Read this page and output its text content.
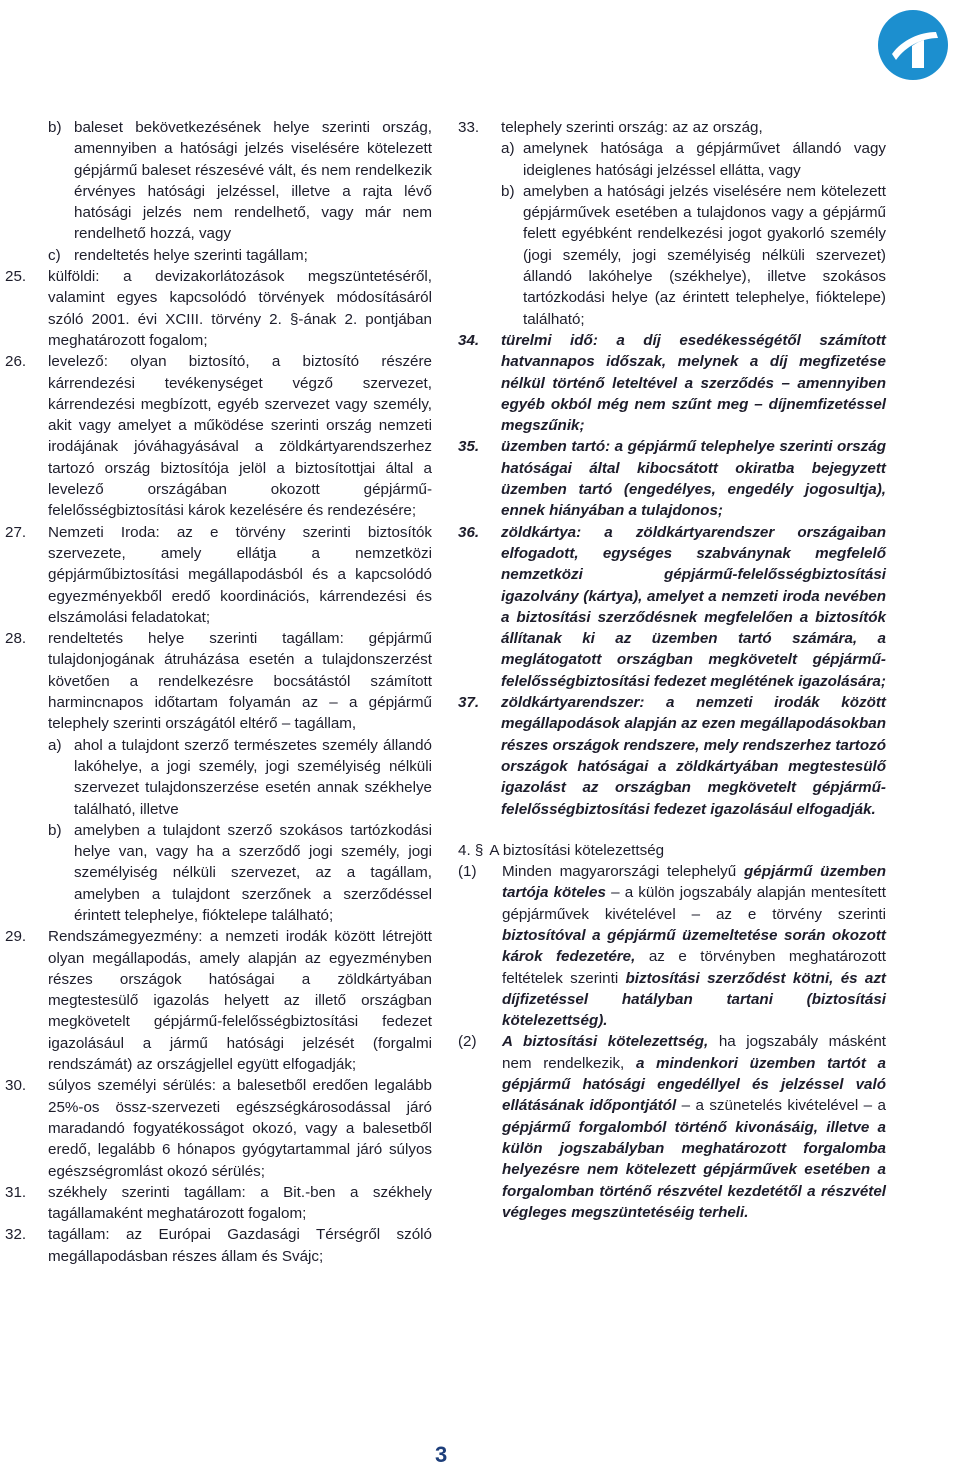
b) baleset bekövetkezésének helye szerinti ország, amennyiben a hatósági jelzés viselésére kötelezett gépjármű baleset részesévé vált, és nem rendelkezik érvényes hatósági jelzéssel, illetve a rajta lévő hatósági jelzés nem rendelhető, vagy már nem rendelhető hozzá, vagy
c) rendeltetés helye szerinti tagállam;
25.	külföldi: a devizakorlátozások megszüntetéséről, valamint egyes kapcsolódó törvények módosításáról szóló 2001. évi XCIII. törvény 2. §-ának 2. pontjában meghatározott fogalom;
26.	levelező: olyan biztosító, a biztosító részére kárrendezési tevékenységet végző szervezet, kárrendezési megbízott, egyéb szervezet vagy személy, akit vagy amelyet a működése szerinti ország nemzeti irodájának jóváhagyásával a zöldkártyarendszerhez tartozó ország biztosítója jelöl a biztosítottjai által a levelező országában okozott gépjármű-felelősségbiztosítási károk kezelésére és rendezésére;
27.	Nemzeti Iroda: az e törvény szerinti biztosítók szervezete, amely ellátja a nemzetközi gépjárműbiztosítási megállapodásból és a kapcsolódó egyezményekből eredő koordinációs, kárrendezési és elszámolási feladatokat;
28.	rendeltetés helye szerinti tagállam: gépjármű tulajdonjogának átruházása esetén a tulajdonszerzést követően a rendelkezésre bocsátástól számított harmincnapos időtartam folyamán az – a gépjármű telephely szerinti országától eltérő – tagállam,
a) ahol a tulajdont szerző természetes személy állandó lakóhelye, a jogi személy, jogi személyiség nélküli szervezet tulajdonszerzése esetén annak székhelye található, illetve
b) amelyben a tulajdont szerző szokásos tartózkodási helye van, vagy ha a szerződő jogi személy, jogi személyiség nélküli szervezet, az a tagállam, amelyben a tulajdont szerzőnek a szerződéssel érintett telephelye, fióktelepe található;
29.	Rendszámegyezmény: a nemzeti irodák között létrejött olyan megállapodás, amely alapján az egyezményben részes országok hatóságai a zöldkártyában megtestesülő igazolás helyett az illető országban megkövetelt gépjármű-felelősségbiztosítási fedezet igazolásául a jármű hatósági jelzését (forgalmi rendszámát) az országjellel együtt elfogadják;
30.	súlyos személyi sérülés: a balesetből eredően legalább 25%-os össz-szervezeti egészségkárosodással járó maradandó fogyatékosságot okozó, vagy a balesetből eredő, legalább 6 hónapos gyógytartammal járó súlyos egészségromlást okozó sérülés;
31.	székhely szerinti tagállam: a Bit.-ben a székhely tagállamaként meghatározott fogalom;
32.	tagállam: az Európai Gazdasági Térségről szóló megállapodásban részes állam és Svájc;
33.	telephely szerinti ország: az az ország,
a) amelynek hatósága a gépjárművet állandó vagy ideiglenes hatósági jelzéssel ellátta, vagy
b) amelyben a hatósági jelzés viselésére nem kötelezett gépjárművek esetében a tulajdonos vagy a gépjármű felett egyébként rendelkezési jogot gyakorló személy (jogi személy, jogi személyiség nélküli szervezet) állandó lakóhelye (székhelye), illetve szokásos tartózkodási helye (az érintett telephelye, fióktelepe) található;
34.	türelmi idő: a díj esedékességétől számított hatvannapos időszak, melynek a díj megfizetése nélkül történő leteltével a szerződés – amennyiben egyéb okból még nem szűnt meg – díjnemfizetéssel megszűnik;
35.	üzemben tartó: a gépjármű telephelye szerinti ország hatóságai által kibocsátott okiratba bejegyzett üzemben tartó (engedélyes, engedély jogosultja), ennek hiányában a tulajdonos;
36.	zöldkártya: a zöldkártyarendszer országaiban elfogadott, egységes szabványnak megfelelő nemzetközi gépjármű-felelősségbiztosítási igazolvány (kártya), amelyet a nemzeti iroda nevében a biztosítási szerződésnek megfelelően a biztosítók állítanak ki az üzemben tartó számára, a meglátogatott országban megkövetelt gépjármű-felelősségbiztosítási fedezet meglétének igazolására;
37.	zöldkártyarendszer: a nemzeti irodák között megállapodások alapján az ezen megállapodásokban részes országok rendszere, mely rendszerhez tartozó országok hatóságai a zöldkártyában megtestesülő igazolást az országban megkövetelt gépjármű-felelősségbiztosítási fedezet igazolásául elfogadják.
4. § A biztosítási kötelezettség
(1)	Minden magyarországi telephelyű gépjármű üzemben tartója köteles – a külön jogszabály alapján mentesített gépjárművek kivételével – az e törvény szerinti biztosítóval a gépjármű üzemeltetése során okozott károk fedezetére, az e törvényben meghatározott feltételek szerinti biztosítási szerződést kötni, és azt díjfizetéssel hatályban tartani (biztosítási kötelezettség).
(2)	A biztosítási kötelezettség, ha jogszabály másként nem rendelkezik, a mindenkori üzemben tartót a gépjármű hatósági engedéllyel és jelzéssel való ellátásának időpontjától – a szünetelés kivételével – a gépjármű forgalomból történő kivonásáig, illetve a külön jogszabályban meghatározott forgalomba helyezésre nem kötelezett gépjárművek esetében a forgalomban történő részvétel kezdetétől a részvétel végleges megszüntetéséig terheli.
3
